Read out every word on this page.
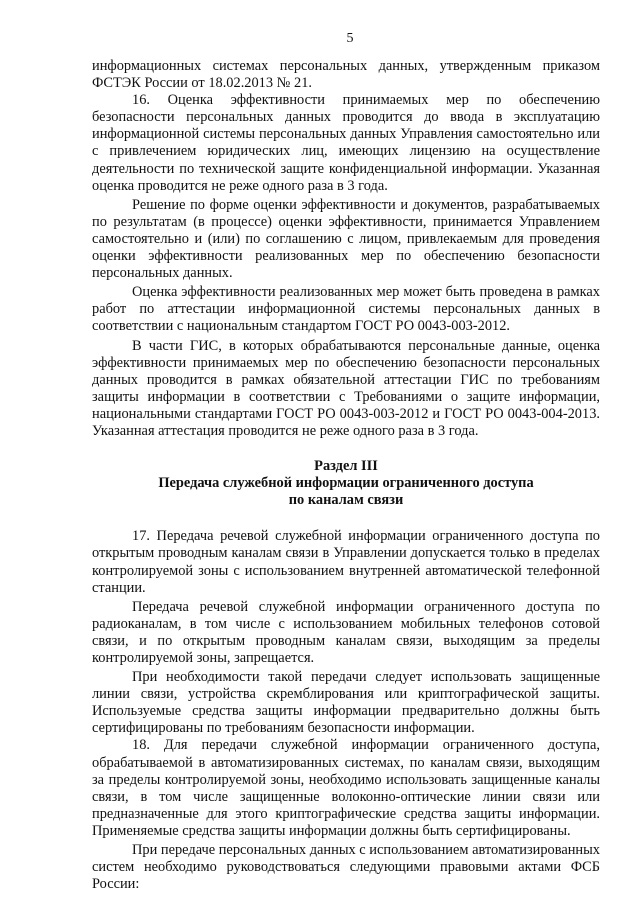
5

информационных системах персональных данных, утвержденным приказом ФСТЭК России от 18.02.2013 № 21.

16. Оценка эффективности принимаемых мер по обеспечению безопасности персональных данных проводится до ввода в эксплуатацию информационной системы персональных данных Управления самостоятельно или с привлечением юридических лиц, имеющих лицензию на осуществление деятельности по технической защите конфиденциальной информации. Указанная оценка проводится не реже одного раза в 3 года.

Решение по форме оценки эффективности и документов, разрабатываемых по результатам (в процессе) оценки эффективности, принимается Управлением самостоятельно и (или) по соглашению с лицом, привлекаемым для проведения оценки эффективности реализованных мер по обеспечению безопасности персональных данных.

Оценка эффективности реализованных мер может быть проведена в рамках работ по аттестации информационной системы персональных данных в соответствии с национальным стандартом ГОСТ РО 0043-003-2012.

В части ГИС, в которых обрабатываются персональные данные, оценка эффективности принимаемых мер по обеспечению безопасности персональных данных проводится в рамках обязательной аттестации ГИС по требованиям защиты информации в соответствии с Требованиями о защите информации, национальными стандартами ГОСТ РО 0043-003-2012 и ГОСТ РО 0043-004-2013. Указанная аттестация проводится не реже одного раза в 3 года.

Раздел III
Передача служебной информации ограниченного доступа
по каналам связи

17. Передача речевой служебной информации ограниченного доступа по открытым проводным каналам связи в Управлении допускается только в пределах контролируемой зоны с использованием внутренней автоматической телефонной станции.

Передача речевой служебной информации ограниченного доступа по радиоканалам, в том числе с использованием мобильных телефонов сотовой связи, и по открытым проводным каналам связи, выходящим за пределы контролируемой зоны, запрещается.

При необходимости такой передачи следует использовать защищенные линии связи, устройства скремблирования или криптографической защиты. Используемые средства защиты информации предварительно должны быть сертифицированы по требованиям безопасности информации.

18. Для передачи служебной информации ограниченного доступа, обрабатываемой в автоматизированных системах, по каналам связи, выходящим за пределы контролируемой зоны, необходимо использовать защищенные каналы связи, в том числе защищенные волоконно-оптические линии связи или предназначенные для этого криптографические средства защиты информации. Применяемые средства защиты информации должны быть сертифицированы.

При передаче персональных данных с использованием автоматизированных систем необходимо руководствоваться следующими правовыми актами ФСБ России:
